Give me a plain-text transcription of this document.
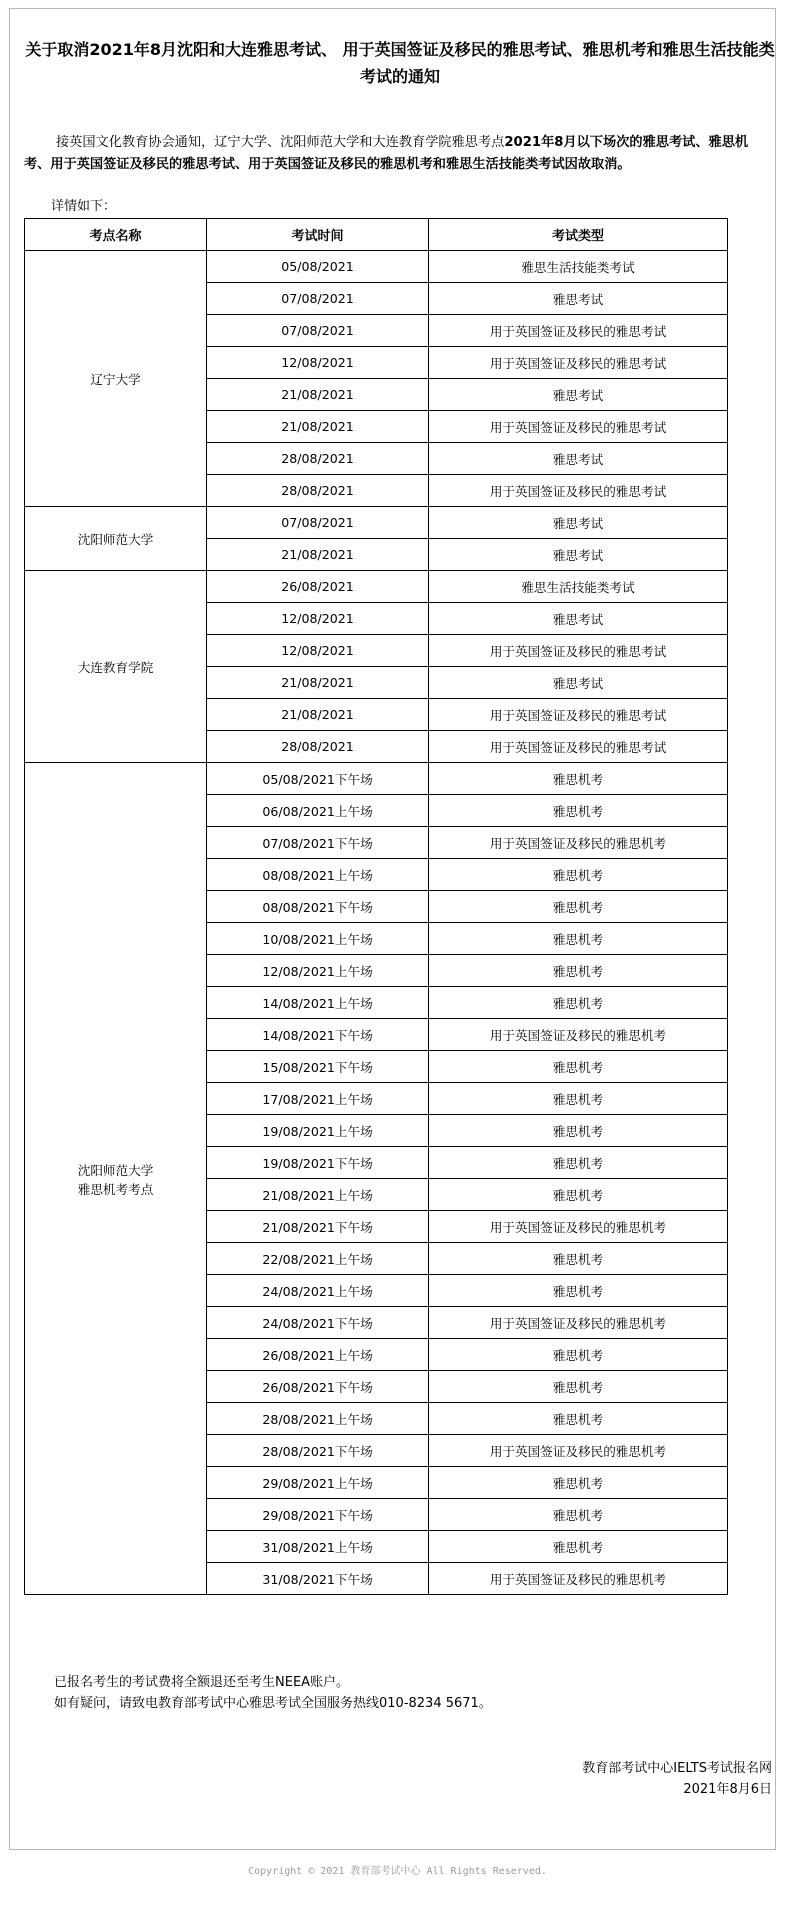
关于取消2021年8月沈阳和大连雅思考试、 用于英国签证及移民的雅思考试、雅思机考和雅思生活技能类考试的通知
接英国文化教育协会通知，辽宁大学、沈阳师范大学和大连教育学院雅思考点2021年8月以下场次的雅思考试、雅思机考、用于英国签证及移民的雅思考试、用于英国签证及移民的雅思机考和雅思生活技能类考试因故取消。
详情如下：
考点名称	考试时间	考试类型

辽宁大学	05/08/2021	雅思生活技能类考试
	07/08/2021	雅思考试
	07/08/2021	用于英国签证及移民的雅思考试
	12/08/2021	用于英国签证及移民的雅思考试
	21/08/2021	雅思考试
	21/08/2021	用于英国签证及移民的雅思考试
	28/08/2021	雅思考试
	28/08/2021	用于英国签证及移民的雅思考试

沈阳师范大学	07/08/2021	雅思考试
	21/08/2021	雅思考试

大连教育学院	26/08/2021	雅思生活技能类考试
	12/08/2021	雅思考试
	12/08/2021	用于英国签证及移民的雅思考试
	21/08/2021	雅思考试
	21/08/2021	用于英国签证及移民的雅思考试
	28/08/2021	用于英国签证及移民的雅思考试

沈阳师范大学
雅思机考考点	05/08/2021下午场	雅思机考
	06/08/2021上午场	雅思机考
	07/08/2021下午场	用于英国签证及移民的雅思机考
	08/08/2021上午场	雅思机考
	08/08/2021下午场	雅思机考
	10/08/2021上午场	雅思机考
	12/08/2021上午场	雅思机考
	14/08/2021上午场	雅思机考
	14/08/2021下午场	用于英国签证及移民的雅思机考
	15/08/2021下午场	雅思机考
	17/08/2021上午场	雅思机考
	19/08/2021上午场	雅思机考
	19/08/2021下午场	雅思机考
	21/08/2021上午场	雅思机考
	21/08/2021下午场	用于英国签证及移民的雅思机考
	22/08/2021上午场	雅思机考
	24/08/2021上午场	雅思机考
	24/08/2021下午场	用于英国签证及移民的雅思机考
	26/08/2021上午场	雅思机考
	26/08/2021下午场	雅思机考
	28/08/2021上午场	雅思机考
	28/08/2021下午场	用于英国签证及移民的雅思机考
	29/08/2021上午场	雅思机考
	29/08/2021下午场	雅思机考
	31/08/2021上午场	雅思机考
	31/08/2021下午场	用于英国签证及移民的雅思机考
已报名考生的考试费将全额退还至考生NEEA账户。
如有疑问，请致电教育部考试中心雅思考试全国服务热线010-8234 5671。
教育部考试中心IELTS考试报名网
2021年8月6日
Copyright © 2021 教育部考试中心 All Rights Reserved.
